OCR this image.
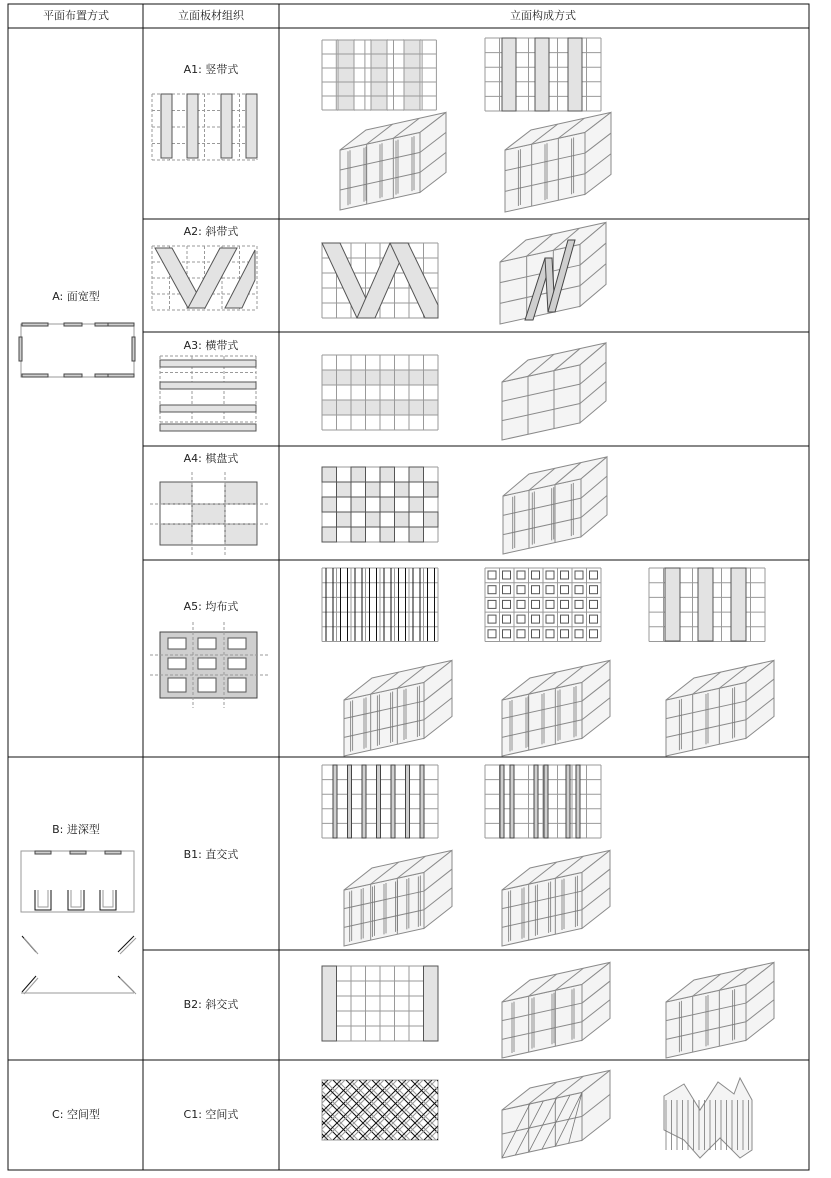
平面布置方式	立面板材组织	立面构成方式
A: 面宽型
B: 进深型
C: 空间型
A1: 竖带式
A2: 斜带式
A3: 横带式
A4: 棋盘式
A5: 均布式
B1: 直交式
B2: 斜交式
C1: 空间式
